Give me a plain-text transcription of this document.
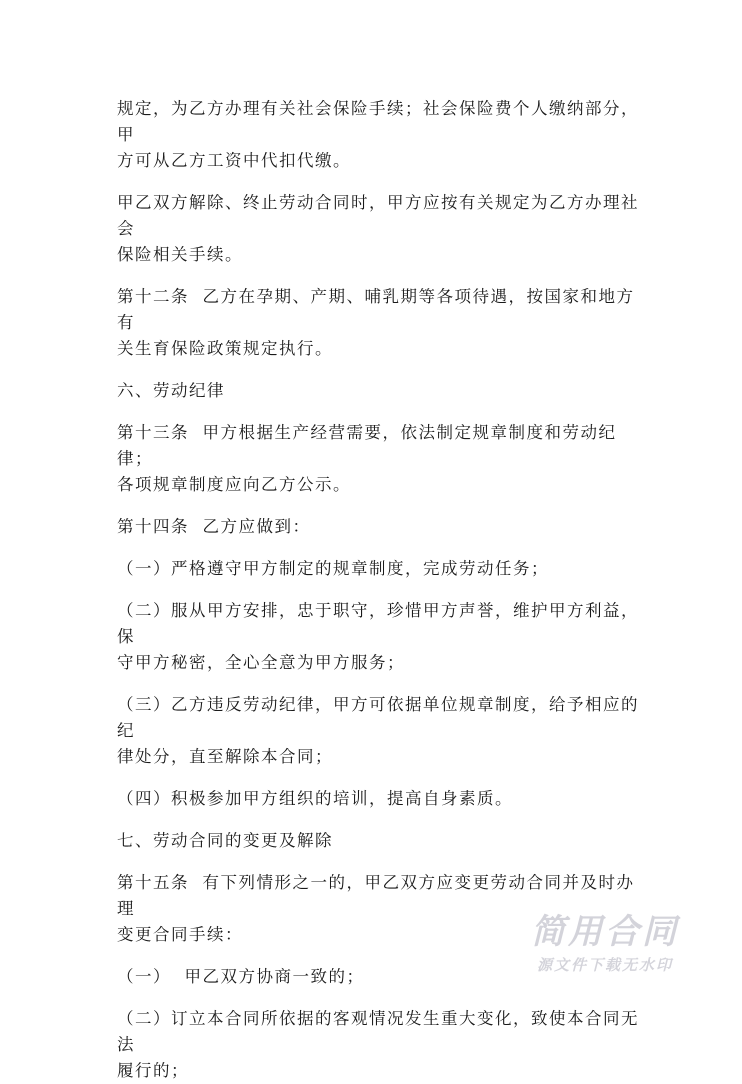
规定，为乙方办理有关社会保险手续；社会保险费个人缴纳部分，甲
方可从乙方工资中代扣代缴。

甲乙双方解除、终止劳动合同时，甲方应按有关规定为乙方办理社会
保险相关手续。

第十二条  乙方在孕期、产期、哺乳期等各项待遇，按国家和地方有
关生育保险政策规定执行。

六、劳动纪律

第十三条  甲方根据生产经营需要，依法制定规章制度和劳动纪律；
各项规章制度应向乙方公示。

第十四条  乙方应做到：

（一）严格遵守甲方制定的规章制度，完成劳动任务；

（二）服从甲方安排，忠于职守，珍惜甲方声誉，维护甲方利益，保
守甲方秘密，全心全意为甲方服务；

（三）乙方违反劳动纪律，甲方可依据单位规章制度，给予相应的纪
律处分，直至解除本合同；

（四）积极参加甲方组织的培训，提高自身素质。

七、劳动合同的变更及解除

第十五条  有下列情形之一的，甲乙双方应变更劳动合同并及时办理
变更合同手续：

（一）  甲乙双方协商一致的；

（二）订立本合同所依据的客观情况发生重大变化，致使本合同无法
履行的；

简用合同
源文件下载无水印
